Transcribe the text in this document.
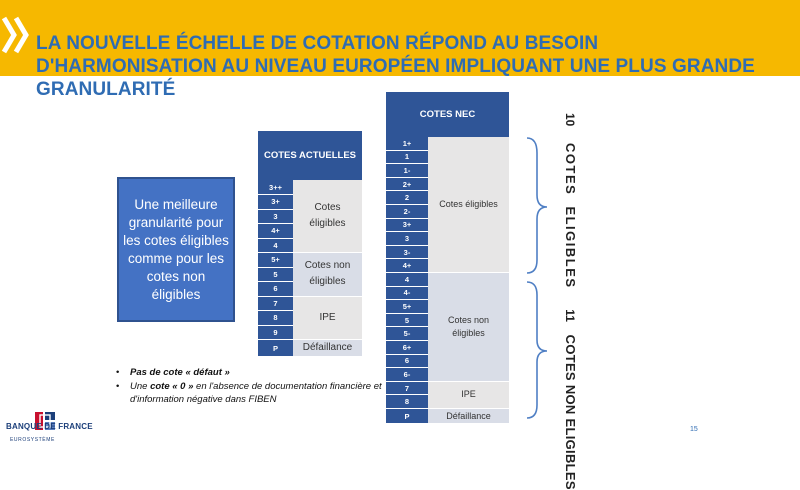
LA NOUVELLE ÉCHELLE DE COTATION RÉPOND AU BESOIN D'HARMONISATION AU NIVEAU EUROPÉEN IMPLIQUANT UNE PLUS GRANDE GRANULARITÉ
Une meilleure granularité pour les cotes éligibles comme pour les cotes non éligibles
COTES ACTUELLES
3++
3+
3
4+
4
5+
5
6
7
8
9
P
Cotes éligibles
Cotes non éligibles
IPE
Défaillance
COTES NEC
1+
1
1-
2+
2
2-
3+
3
3-
4+
4
4-
5+
5
5-
6+
6
6-
7
8
P
Cotes éligibles
Cotes non éligibles
IPE
Défaillance
10  COTES ELIGIBLES  11  COTES NON ELIGIBLES
• Pas de cote « défaut »
• Une cote « 0 » en l'absence de documentation financière et d'information négative dans FIBEN
BANQUE DE FRANCE
EUROSYSTÈME
15
